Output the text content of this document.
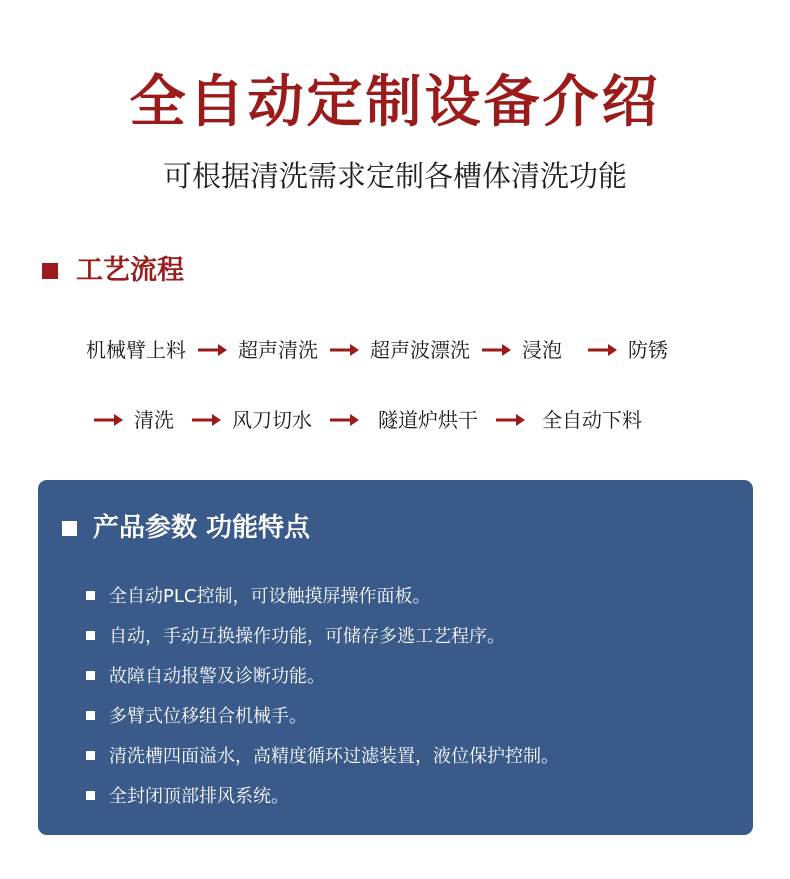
全自动定制设备介绍
可根据清洗需求定制各槽体清洗功能
工艺流程
机械臂上料	超声清洗	超声波漂洗	浸泡	防锈
清洗	风刀切水	隧道炉烘干	全自动下料
产品参数 功能特点
全自动PLC控制，可设触摸屏操作面板。
自动，手动互换操作功能，可储存多逃工艺程序。
故障自动报警及诊断功能。
多臂式位移组合机械手。
清洗槽四面溢水，高精度循环过滤装置，液位保护控制。
全封闭顶部排风系统。
